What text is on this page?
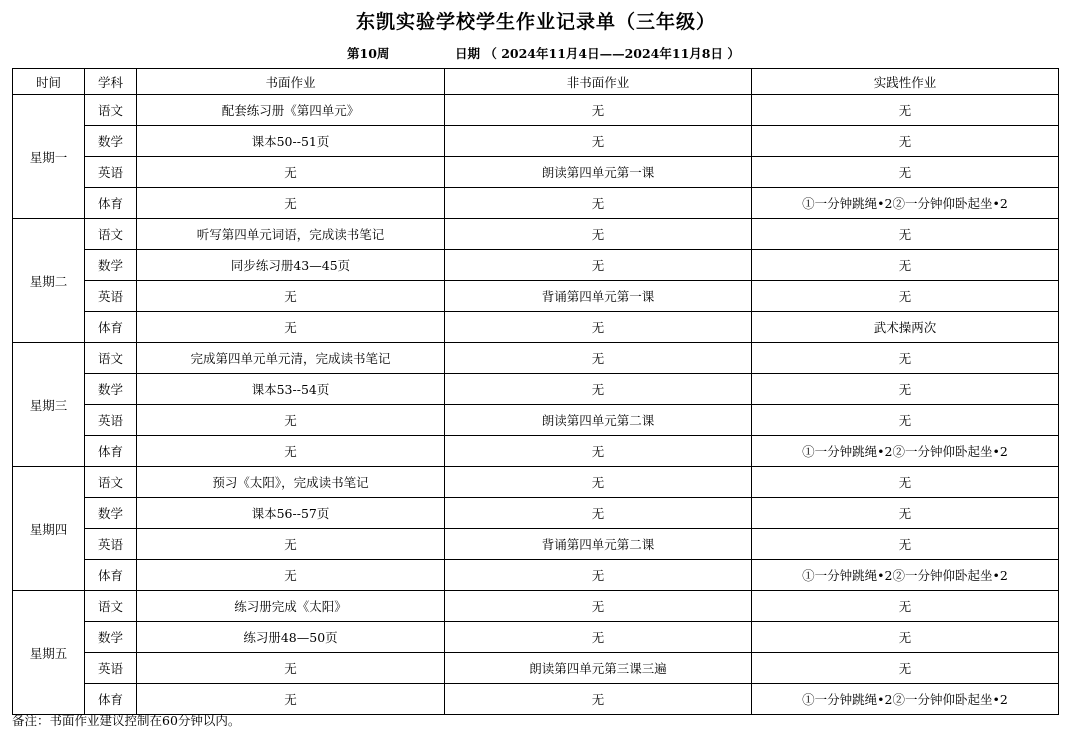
东凯实验学校学生作业记录单（三年级）
第10周	日期 （ 2024年11月4日——2024年11月8日 ）
时间	学科	书面作业	非书面作业	实践性作业
星期一	语文	配套练习册《第四单元》	无	无
	数学	课本50--51页	无	无
	英语	无	朗读第四单元第一课	无
	体育	无	无	①一分钟跳绳•2②一分钟仰卧起坐•2
星期二	语文	听写第四单元词语，完成读书笔记	无	无
	数学	同步练习册43—45页	无	无
	英语	无	背诵第四单元第一课	无
	体育	无	无	武术操两次
星期三	语文	完成第四单元单元清，完成读书笔记	无	无
	数学	课本53--54页	无	无
	英语	无	朗读第四单元第二课	无
	体育	无	无	①一分钟跳绳•2②一分钟仰卧起坐•2
星期四	语文	预习《太阳》，完成读书笔记	无	无
	数学	课本56--57页	无	无
	英语	无	背诵第四单元第二课	无
	体育	无	无	①一分钟跳绳•2②一分钟仰卧起坐•2
星期五	语文	练习册完成《太阳》	无	无
	数学	练习册48—50页	无	无
	英语	无	朗读第四单元第三课三遍	无
	体育	无	无	①一分钟跳绳•2②一分钟仰卧起坐•2
备注：书面作业建议控制在60分钟以内。
